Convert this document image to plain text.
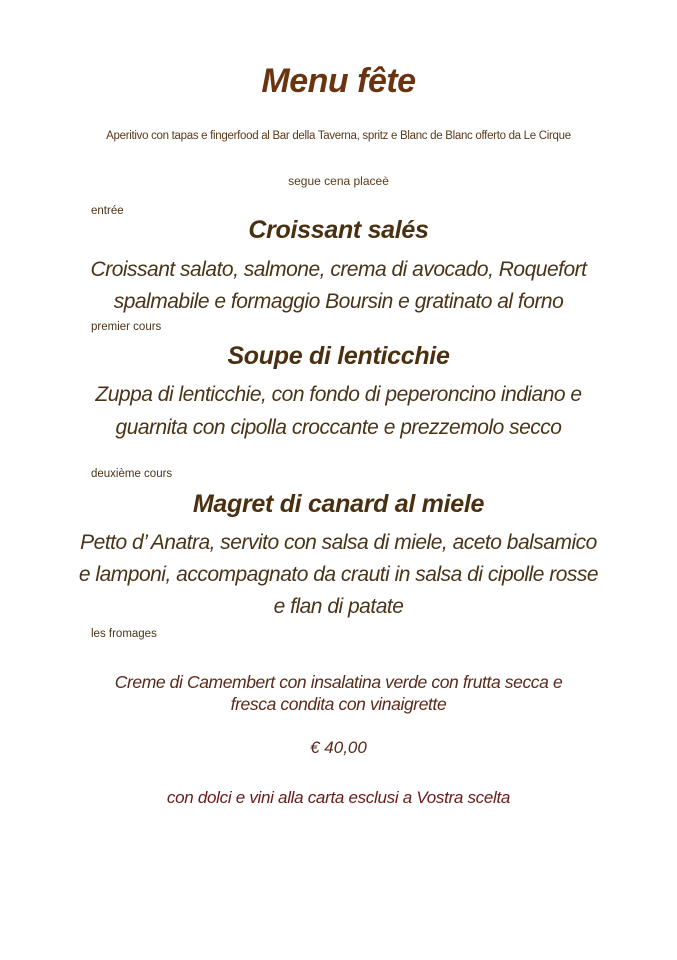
Menu fête
Aperitivo con tapas e fingerfood al Bar della Taverna, spritz e Blanc de Blanc offerto da Le Cirque
segue cena placeè
entrée
Croissant salés
Croissant salato, salmone, crema di avocado, Roquefort
spalmabile e formaggio Boursin e gratinato al forno
premier cours
Soupe di lenticchie
Zuppa di lenticchie, con fondo di peperoncino indiano e
guarnita con cipolla croccante e prezzemolo secco
deuxième cours
Magret di canard al miele
Petto d’ Anatra, servito con salsa di miele, aceto balsamico
e lamponi, accompagnato da crauti in salsa di cipolle rosse
e flan di patate
les fromages
Creme di Camembert con insalatina verde con frutta secca e
fresca condita con vinaigrette
€ 40,00
con dolci e vini alla carta esclusi a Vostra scelta
